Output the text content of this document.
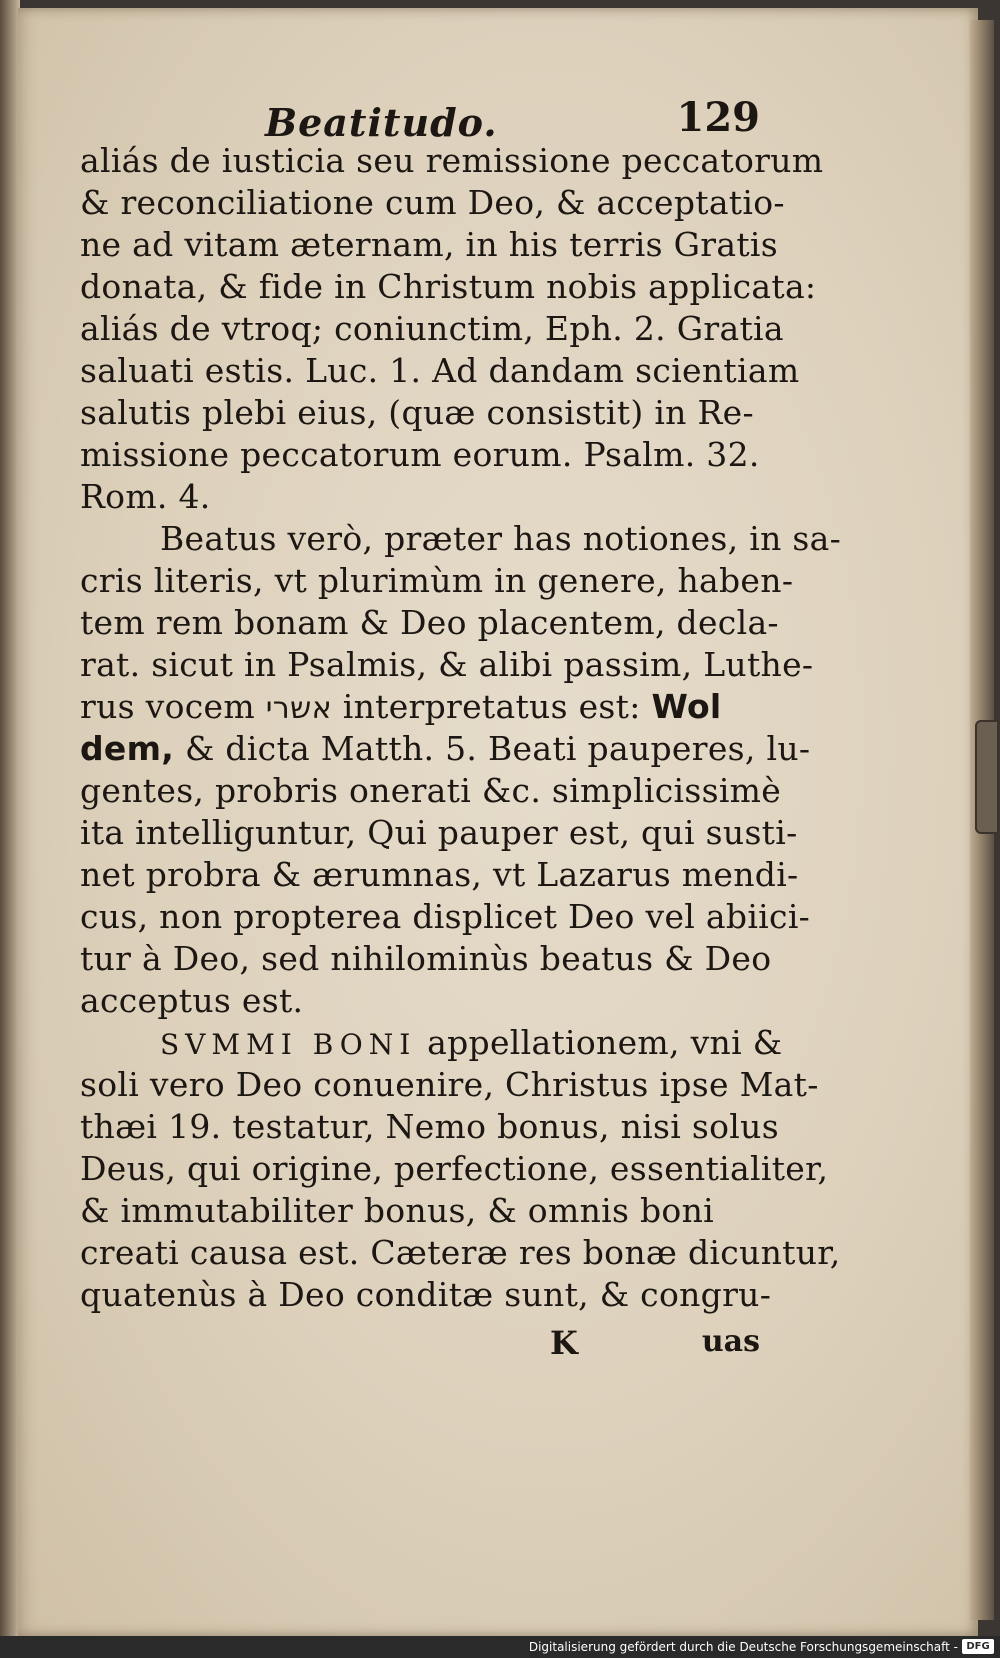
Beatitudo.	129
aliás de iusticia seu remissione peccatorum
& reconciliatione cum Deo, & acceptatio-
ne ad vitam æternam, in his terris Gratis
donata, & fide in Christum nobis applicata:
aliás de vtroq; coniunctim, Eph. 2. Gratia
saluati estis. Luc. 1. Ad dandam scientiam
salutis plebi eius, (quæ consistit) in Re-
missione peccatorum eorum. Psalm. 32.
Rom. 4.
Beatus verò, præter has notiones, in sa-
cris literis, vt plurimùm in genere, haben-
tem rem bonam & Deo placentem, decla-
rat. sicut in Psalmis, & alibi passim, Luthe-
rus vocem אשרי interpretatus est: Wol
dem, & dicta Matth. 5. Beati pauperes, lu-
gentes, probris onerati &c. simplicissimè
ita intelliguntur, Qui pauper est, qui susti-
net probra & ærumnas, vt Lazarus mendi-
cus, non propterea displicet Deo vel abiici-
tur à Deo, sed nihilominùs beatus & Deo
acceptus est.
SVMMI BONI appellationem, vni &
soli vero Deo conuenire, Christus ipse Mat-
thæi 19. testatur, Nemo bonus, nisi solus
Deus, qui origine, perfectione, essentialiter,
& immutabiliter bonus, & omnis boni
creati causa est. Cæteræ res bonæ dicuntur,
quatenùs à Deo conditæ sunt, & congru-
K	uas
Digitalisierung gefördert durch die Deutsche Forschungsgemeinschaft - DFG
